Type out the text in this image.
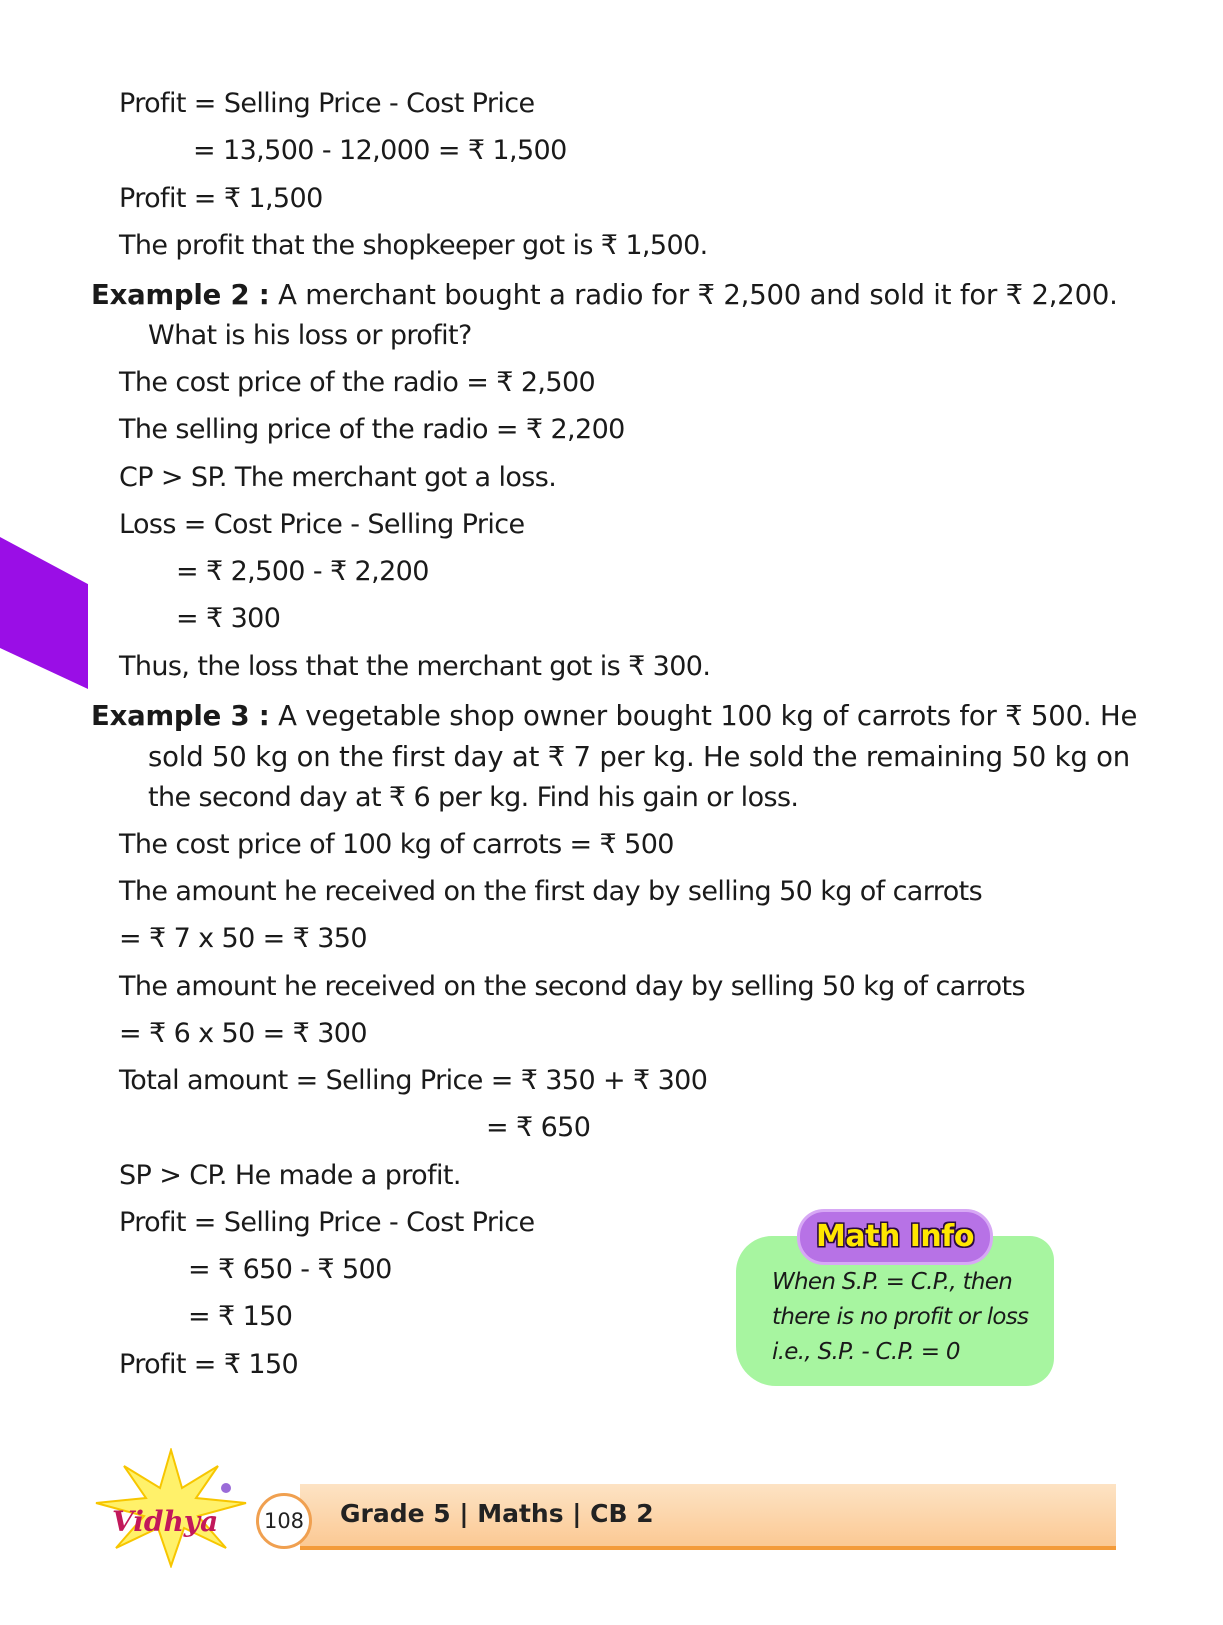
Profit = Selling Price - Cost Price

= 13,500 - 12,000 = ₹ 1,500

Profit = ₹ 1,500

The profit that the shopkeeper got is ₹ 1,500.

Example 2 : A merchant bought a radio for ₹ 2,500 and sold it for ₹ 2,200.

What is his loss or profit?

The cost price of the radio = ₹ 2,500

The selling price of the radio = ₹ 2,200

CP > SP. The merchant got a loss.

Loss = Cost Price - Selling Price

= ₹ 2,500 - ₹ 2,200

= ₹ 300

Thus, the loss that the merchant got is ₹ 300.

Example 3 : A vegetable shop owner bought 100 kg of carrots for ₹ 500. He

sold 50 kg on the first day at ₹ 7 per kg. He sold the remaining 50 kg on

the second day at ₹ 6 per kg. Find his gain or loss.

The cost price of 100 kg of carrots = ₹ 500

The amount he received on the first day by selling 50 kg of carrots

= ₹ 7 x 50 = ₹ 350

The amount he received on the second day by selling 50 kg of carrots

= ₹ 6 x 50 = ₹ 300

Total amount = Selling Price = ₹ 350 + ₹ 300

= ₹ 650

SP > CP. He made a profit.

Profit = Selling Price - Cost Price

= ₹ 650 - ₹ 500

= ₹ 150

Profit = ₹ 150

Math Info

When S.P. = C.P., then

there is no profit or loss

i.e., S.P. - C.P. = 0

Vidhya	108	Grade 5 | Maths | CB 2
